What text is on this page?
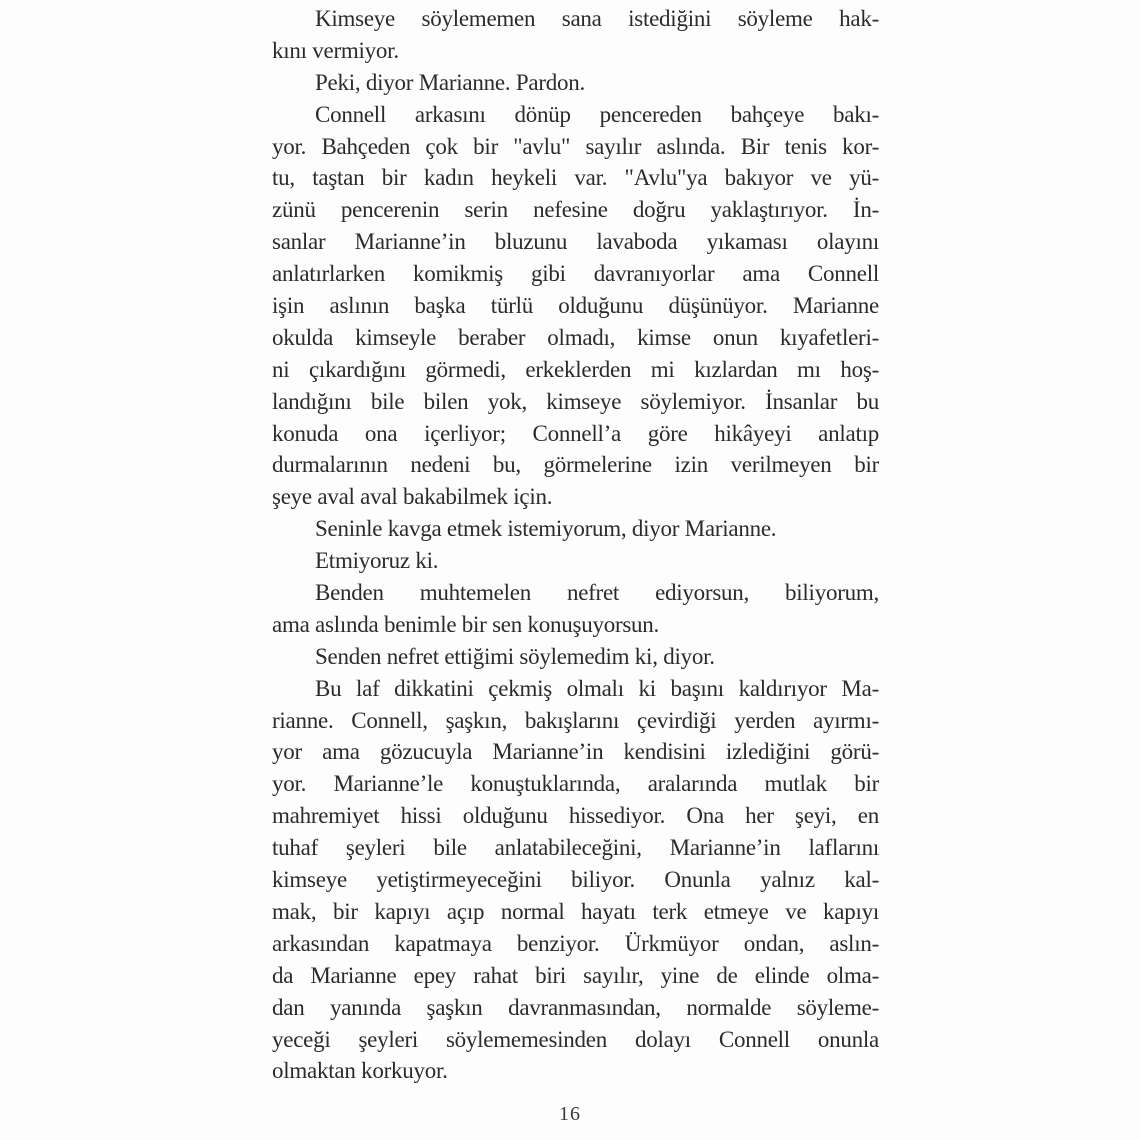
Kimseye söylememen sana istediğini söyleme hak-
kını vermiyor.
Peki, diyor Marianne. Pardon.
Connell arkasını dönüp pencereden bahçeye bakı-
yor. Bahçeden çok bir "avlu" sayılır aslında. Bir tenis kor-
tu, taştan bir kadın heykeli var. "Avlu"ya bakıyor ve yü-
zünü pencerenin serin nefesine doğru yaklaştırıyor. İn-
sanlar Marianne’in bluzunu lavaboda yıkaması olayını
anlatırlarken komikmiş gibi davranıyorlar ama Connell
işin aslının başka türlü olduğunu düşünüyor. Marianne
okulda kimseyle beraber olmadı, kimse onun kıyafetleri-
ni çıkardığını görmedi, erkeklerden mi kızlardan mı hoş-
landığını bile bilen yok, kimseye söylemiyor. İnsanlar bu
konuda ona içerliyor; Connell’a göre hikâyeyi anlatıp
durmalarının nedeni bu, görmelerine izin verilmeyen bir
şeye aval aval bakabilmek için.
Seninle kavga etmek istemiyorum, diyor Marianne.
Etmiyoruz ki.
Benden muhtemelen nefret ediyorsun, biliyorum,
ama aslında benimle bir sen konuşuyorsun.
Senden nefret ettiğimi söylemedim ki, diyor.
Bu laf dikkatini çekmiş olmalı ki başını kaldırıyor Ma-
rianne. Connell, şaşkın, bakışlarını çevirdiği yerden ayırmı-
yor ama gözucuyla Marianne’in kendisini izlediğini görü-
yor. Marianne’le konuştuklarında, aralarında mutlak bir
mahremiyet hissi olduğunu hissediyor. Ona her şeyi, en
tuhaf şeyleri bile anlatabileceğini, Marianne’in laflarını
kimseye yetiştirmeyeceğini biliyor. Onunla yalnız kal-
mak, bir kapıyı açıp normal hayatı terk etmeye ve kapıyı
arkasından kapatmaya benziyor. Ürkmüyor ondan, aslın-
da Marianne epey rahat biri sayılır, yine de elinde olma-
dan yanında şaşkın davranmasından, normalde söyleme-
yeceği şeyleri söylememesinden dolayı Connell onunla
olmaktan korkuyor.
16
